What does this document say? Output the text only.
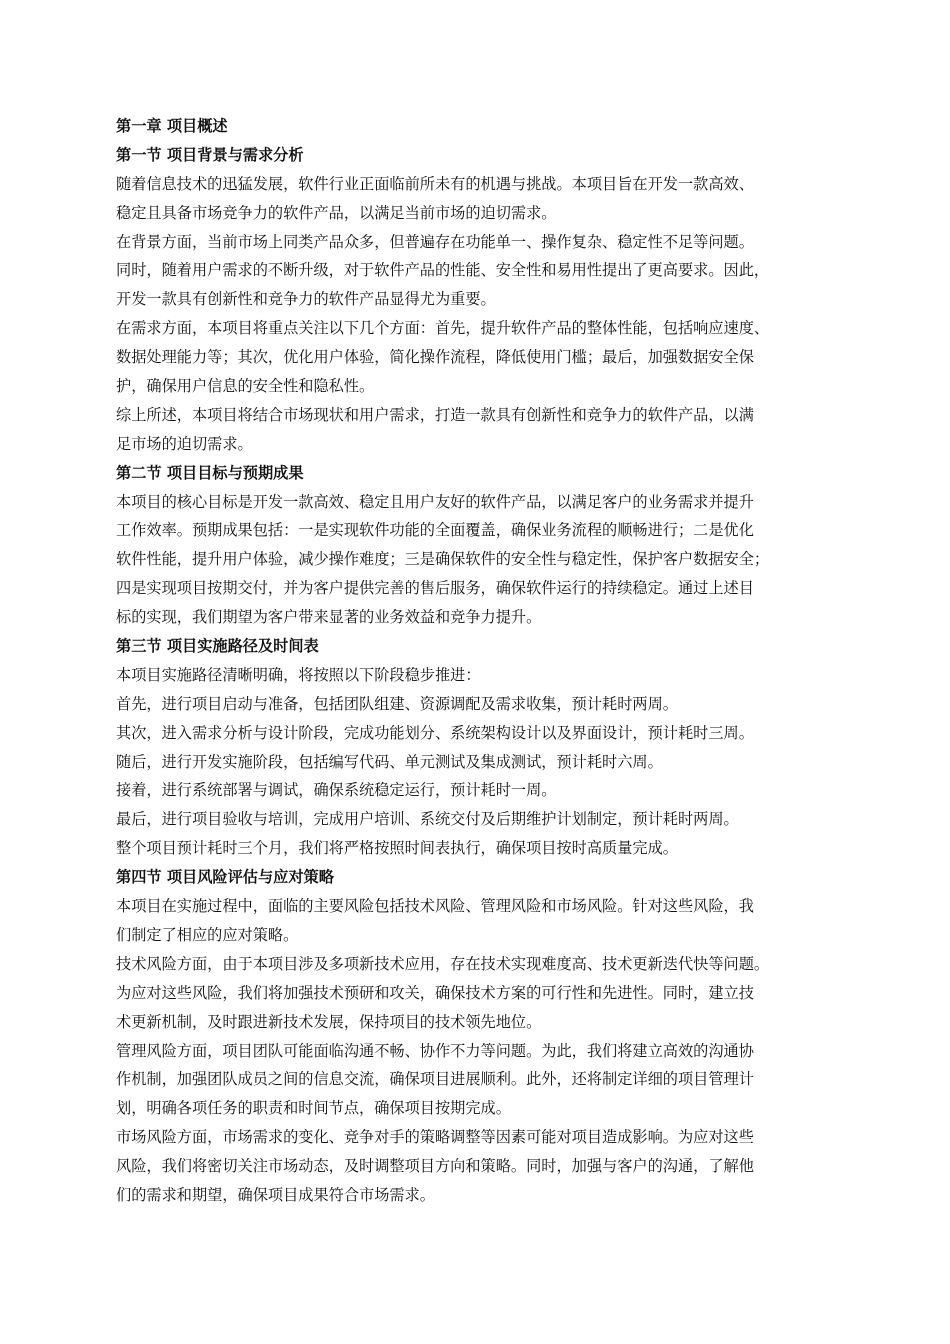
第一章 项目概述
第一节 项目背景与需求分析
随着信息技术的迅猛发展，软件行业正面临前所未有的机遇与挑战。本项目旨在开发一款高效、
稳定且具备市场竞争力的软件产品，以满足当前市场的迫切需求。
在背景方面，当前市场上同类产品众多，但普遍存在功能单一、操作复杂、稳定性不足等问题。
同时，随着用户需求的不断升级，对于软件产品的性能、安全性和易用性提出了更高要求。因此，
开发一款具有创新性和竞争力的软件产品显得尤为重要。
在需求方面，本项目将重点关注以下几个方面：首先，提升软件产品的整体性能，包括响应速度、
数据处理能力等；其次，优化用户体验，简化操作流程，降低使用门槛；最后，加强数据安全保
护，确保用户信息的安全性和隐私性。
综上所述，本项目将结合市场现状和用户需求，打造一款具有创新性和竞争力的软件产品，以满
足市场的迫切需求。
第二节 项目目标与预期成果
本项目的核心目标是开发一款高效、稳定且用户友好的软件产品，以满足客户的业务需求并提升
工作效率。预期成果包括：一是实现软件功能的全面覆盖，确保业务流程的顺畅进行；二是优化
软件性能，提升用户体验，减少操作难度；三是确保软件的安全性与稳定性，保护客户数据安全；
四是实现项目按期交付，并为客户提供完善的售后服务，确保软件运行的持续稳定。通过上述目
标的实现，我们期望为客户带来显著的业务效益和竞争力提升。
第三节 项目实施路径及时间表
本项目实施路径清晰明确，将按照以下阶段稳步推进：
首先，进行项目启动与准备，包括团队组建、资源调配及需求收集，预计耗时两周。
其次，进入需求分析与设计阶段，完成功能划分、系统架构设计以及界面设计，预计耗时三周。
随后，进行开发实施阶段，包括编写代码、单元测试及集成测试，预计耗时六周。
接着，进行系统部署与调试，确保系统稳定运行，预计耗时一周。
最后，进行项目验收与培训，完成用户培训、系统交付及后期维护计划制定，预计耗时两周。
整个项目预计耗时三个月，我们将严格按照时间表执行，确保项目按时高质量完成。
第四节 项目风险评估与应对策略
本项目在实施过程中，面临的主要风险包括技术风险、管理风险和市场风险。针对这些风险，我
们制定了相应的应对策略。
技术风险方面，由于本项目涉及多项新技术应用，存在技术实现难度高、技术更新迭代快等问题。
为应对这些风险，我们将加强技术预研和攻关，确保技术方案的可行性和先进性。同时，建立技
术更新机制，及时跟进新技术发展，保持项目的技术领先地位。
管理风险方面，项目团队可能面临沟通不畅、协作不力等问题。为此，我们将建立高效的沟通协
作机制，加强团队成员之间的信息交流，确保项目进展顺利。此外，还将制定详细的项目管理计
划，明确各项任务的职责和时间节点，确保项目按期完成。
市场风险方面，市场需求的变化、竞争对手的策略调整等因素可能对项目造成影响。为应对这些
风险，我们将密切关注市场动态，及时调整项目方向和策略。同时，加强与客户的沟通，了解他
们的需求和期望，确保项目成果符合市场需求。
